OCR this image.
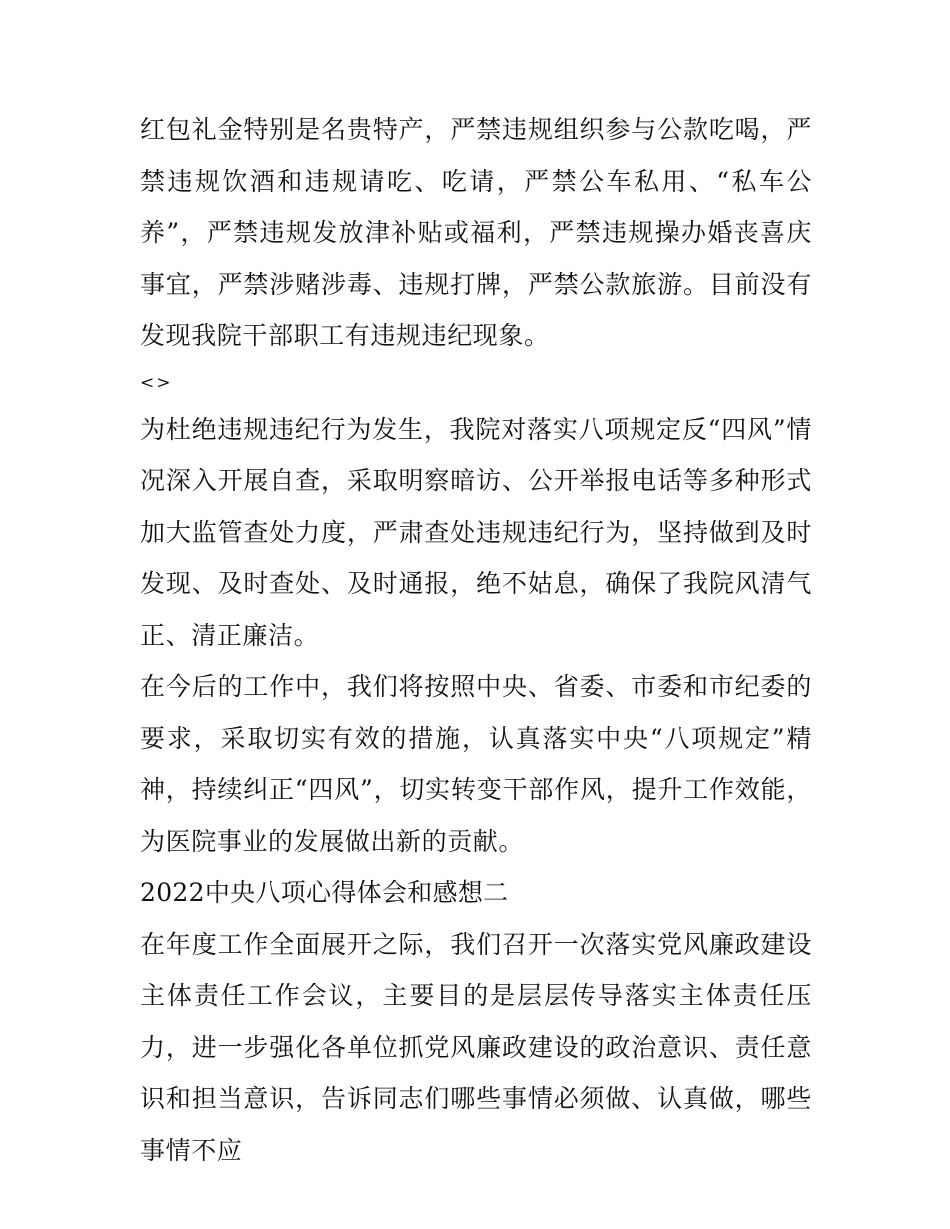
红包礼金特别是名贵特产，严禁违规组织参与公款吃喝，严禁违规饮酒和违规请吃、吃请，严禁公车私用、“私车公养”，严禁违规发放津补贴或福利，严禁违规操办婚丧喜庆事宜，严禁涉赌涉毒、违规打牌，严禁公款旅游。目前没有发现我院干部职工有违规违纪现象。

<>

为杜绝违规违纪行为发生，我院对落实八项规定反“四风”情况深入开展自查，采取明察暗访、公开举报电话等多种形式加大监管查处力度，严肃查处违规违纪行为，坚持做到及时发现、及时查处、及时通报，绝不姑息，确保了我院风清气正、清正廉洁。

在今后的工作中，我们将按照中央、省委、市委和市纪委的要求，采取切实有效的措施，认真落实中央“八项规定”精神，持续纠正“四风”，切实转变干部作风，提升工作效能，为医院事业的发展做出新的贡献。

2022中央八项心得体会和感想二

在年度工作全面展开之际，我们召开一次落实党风廉政建设主体责任工作会议，主要目的是层层传导落实主体责任压力，进一步强化各单位抓党风廉政建设的政治意识、责任意识和担当意识，告诉同志们哪些事情必须做、认真做，哪些事情不应
